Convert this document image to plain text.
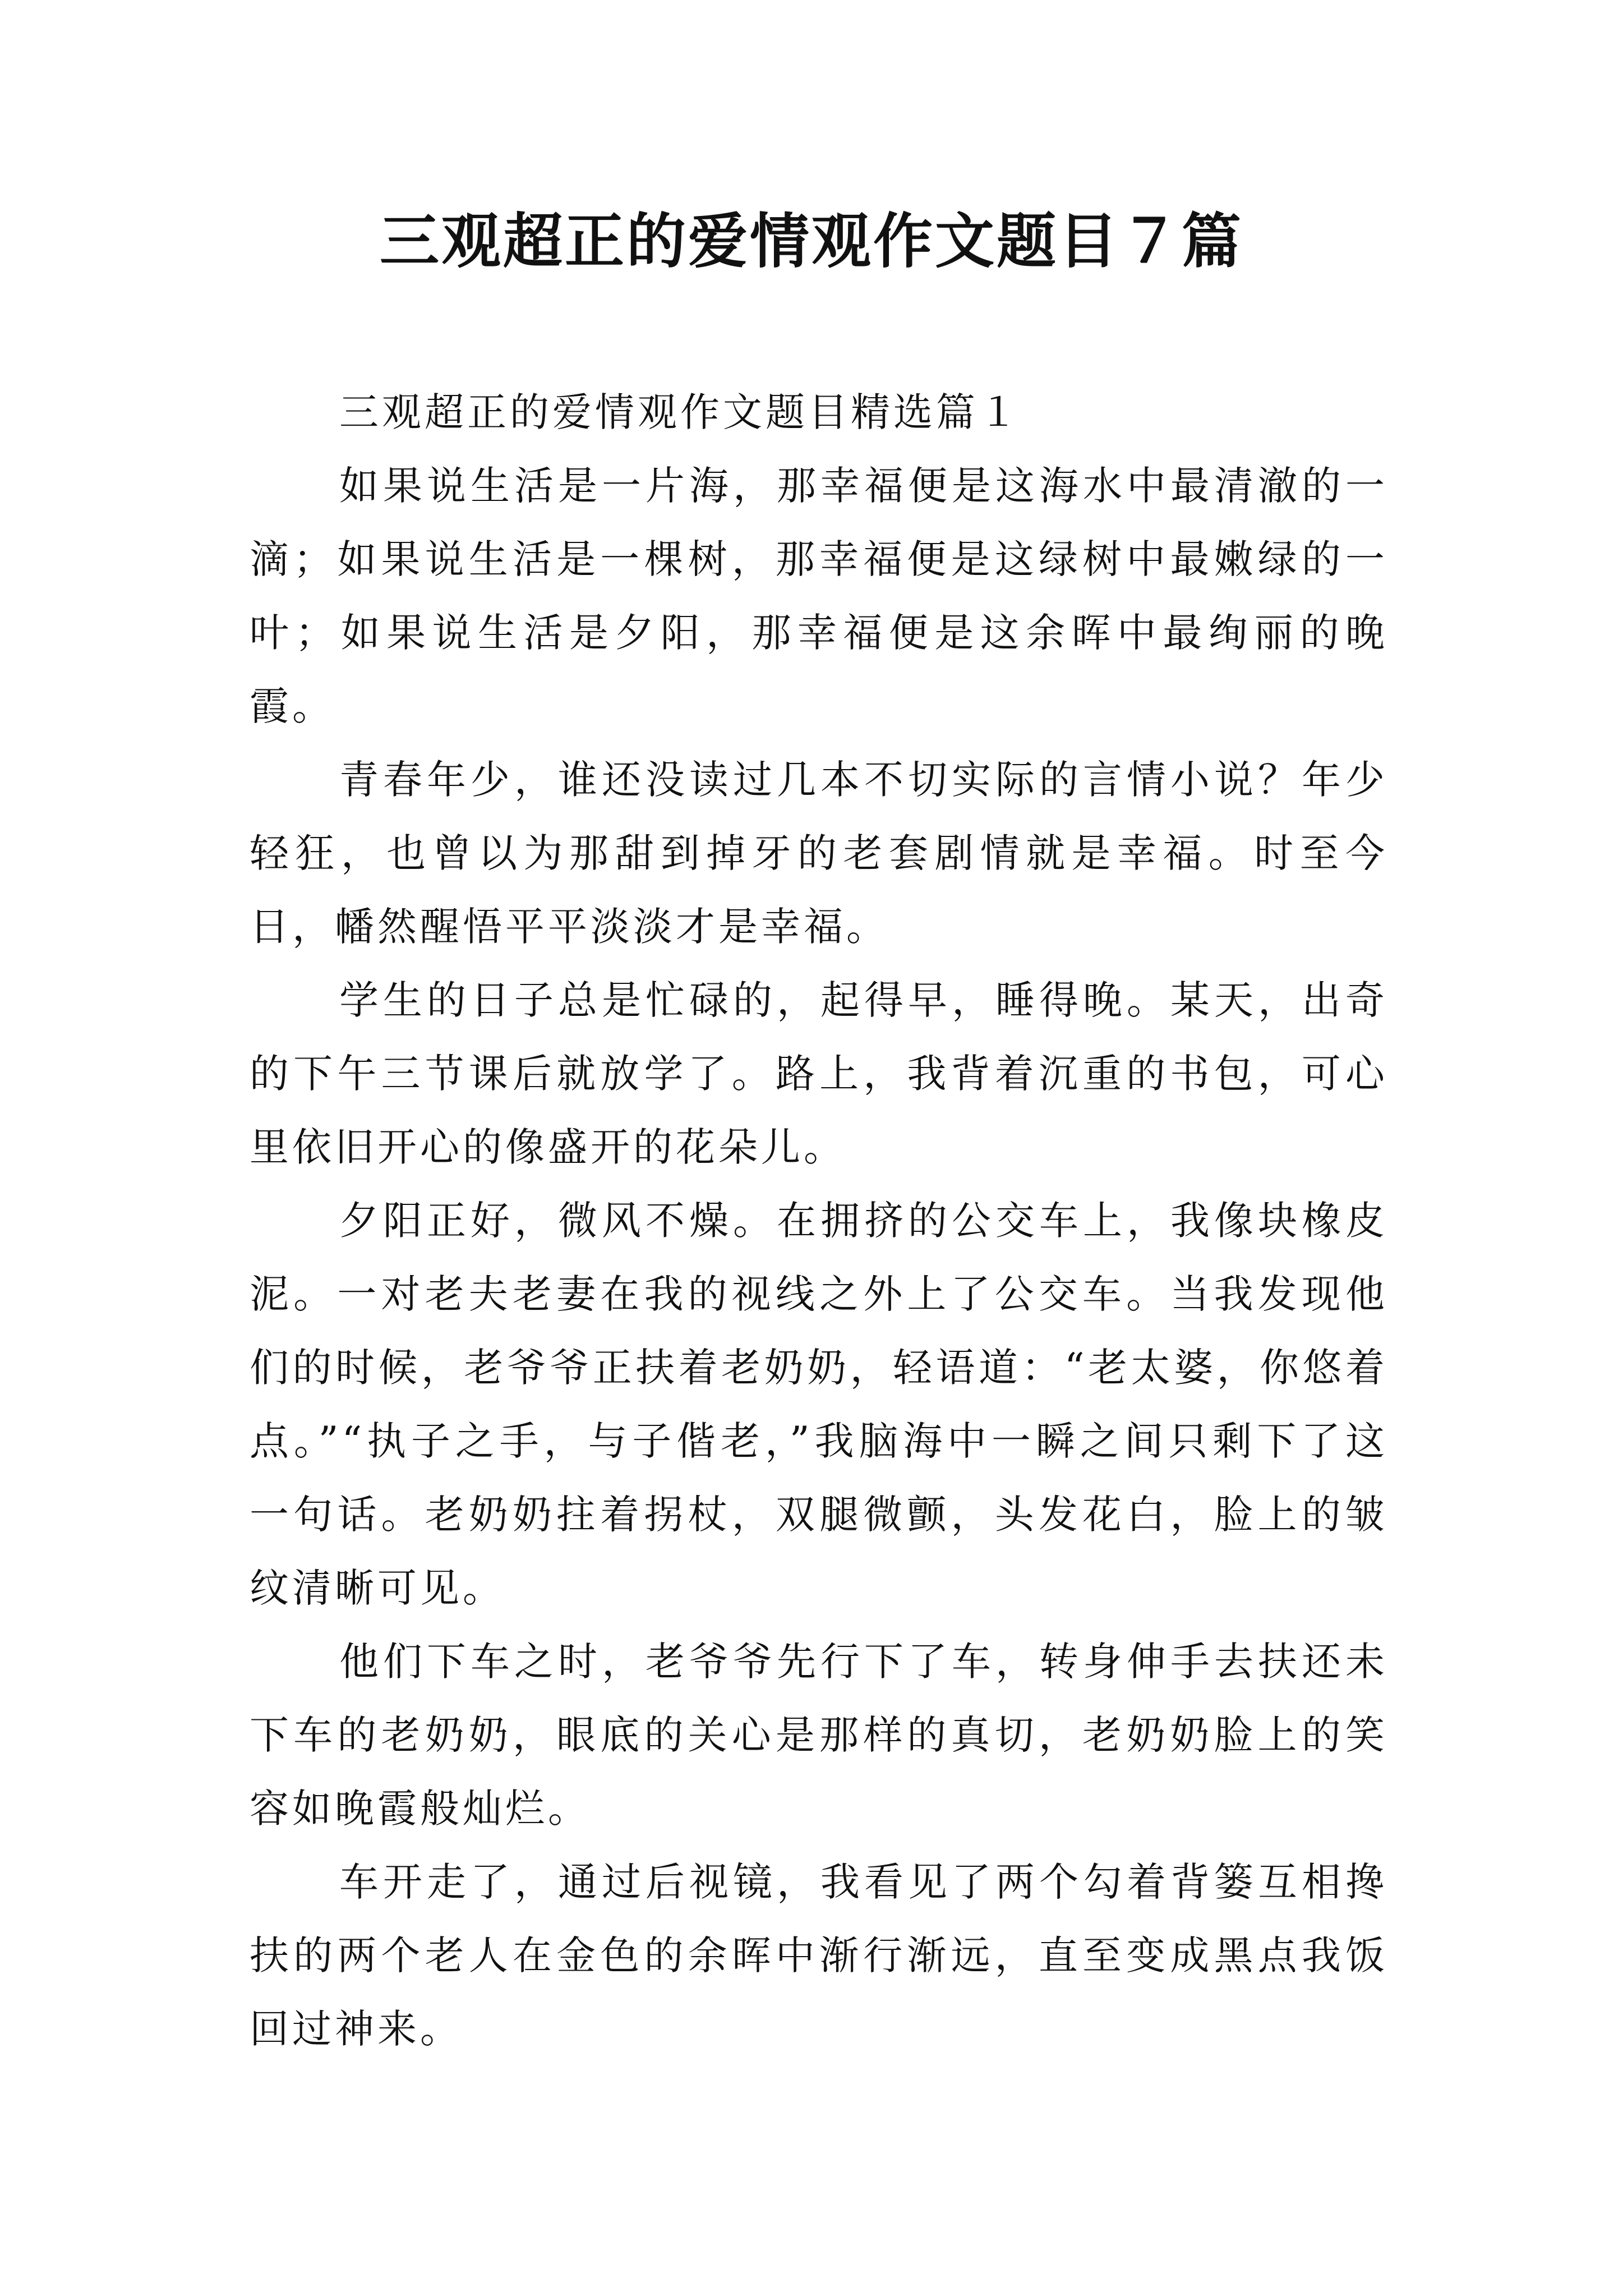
三观超正的爱情观作文题目７篇

三观超正的爱情观作文题目精选篇１

如果说生活是一片海，那幸福便是这海水中最清澈的一滴；如果说生活是一棵树，那幸福便是这绿树中最嫩绿的一叶；如果说生活是夕阳，那幸福便是这余晖中最绚丽的晚霞。

青春年少，谁还没读过几本不切实际的言情小说？年少轻狂，也曾以为那甜到掉牙的老套剧情就是幸福。时至今日，幡然醒悟平平淡淡才是幸福。

学生的日子总是忙碌的，起得早，睡得晚。某天，出奇的下午三节课后就放学了。路上，我背着沉重的书包，可心里依旧开心的像盛开的花朵儿。

夕阳正好，微风不燥。在拥挤的公交车上，我像块橡皮泥。一对老夫老妻在我的视线之外上了公交车。当我发现他们的时候，老爷爷正扶着老奶奶，轻语道：“老太婆，你悠着点。”“执子之手，与子偕老，”我脑海中一瞬之间只剩下了这一句话。老奶奶拄着拐杖，双腿微颤，头发花白，脸上的皱纹清晰可见。

他们下车之时，老爷爷先行下了车，转身伸手去扶还未下车的老奶奶，眼底的关心是那样的真切，老奶奶脸上的笑容如晚霞般灿烂。

车开走了，通过后视镜，我看见了两个勾着背篓互相搀扶的两个老人在金色的余晖中渐行渐远，直至变成黑点我饭回过神来。
